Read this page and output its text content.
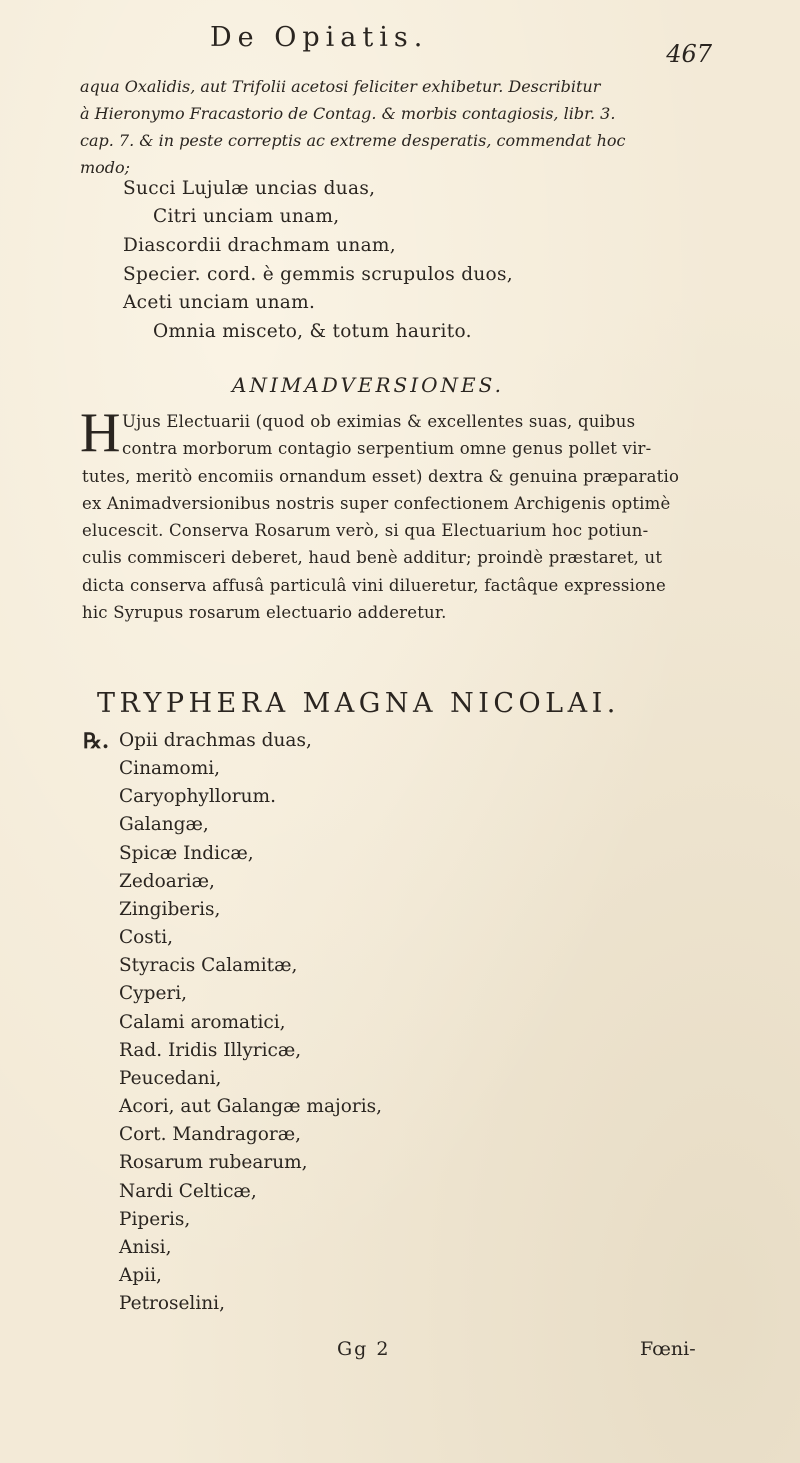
De Opiatis.
467
aqua Oxalidis, aut Trifolii acetosi feliciter exhibetur. Describitur
à Hieronymo Fracastorio de Contag. & morbis contagiosis, libr. 3.
cap. 7. & in peste correptis ac extreme desperatis, commendat hoc
modo;
Succi Lujulæ uncias duas,
Citri unciam unam,
Diascordii drachmam unam,
Specier. cord. è gemmis scrupulos duos,
Aceti unciam unam.
Omnia misceto, & totum haurito.
ANIMADVERSIONES.
H Ujus Electuarii (quod ob eximias & excellentes suas, quibus
contra morborum contagio serpentium omne genus pollet vir-
tutes, meritò encomiis ornandum esset) dextra & genuina præparatio
ex Animadversionibus nostris super confectionem Archigenis optimè
elucescit. Conserva Rosarum verò, si qua Electuarium hoc potiun-
culis commisceri deberet, haud benè additur; proindè præstaret, ut
dicta conserva affusâ particulâ vini dilueretur, factâque expressione
hic Syrupus rosarum electuario adderetur.
TRYPHERA MAGNA NICOLAI.
℞. Opii drachmas duas,
Cinamomi,
Caryophyllorum.
Galangæ,
Spicæ Indicæ,
Zedoariæ,
Zingiberis,
Costi,
Styracis Calamitæ,
Cyperi,
Calami aromatici,
Rad. Iridis Illyricæ,
Peucedani,
Acori, aut Galangæ majoris,
Cort. Mandragoræ,
Rosarum rubearum,
Nardi Celticæ,
Piperis,
Anisi,
Apii,
Petroselini,
Gg 2	Fœni-
